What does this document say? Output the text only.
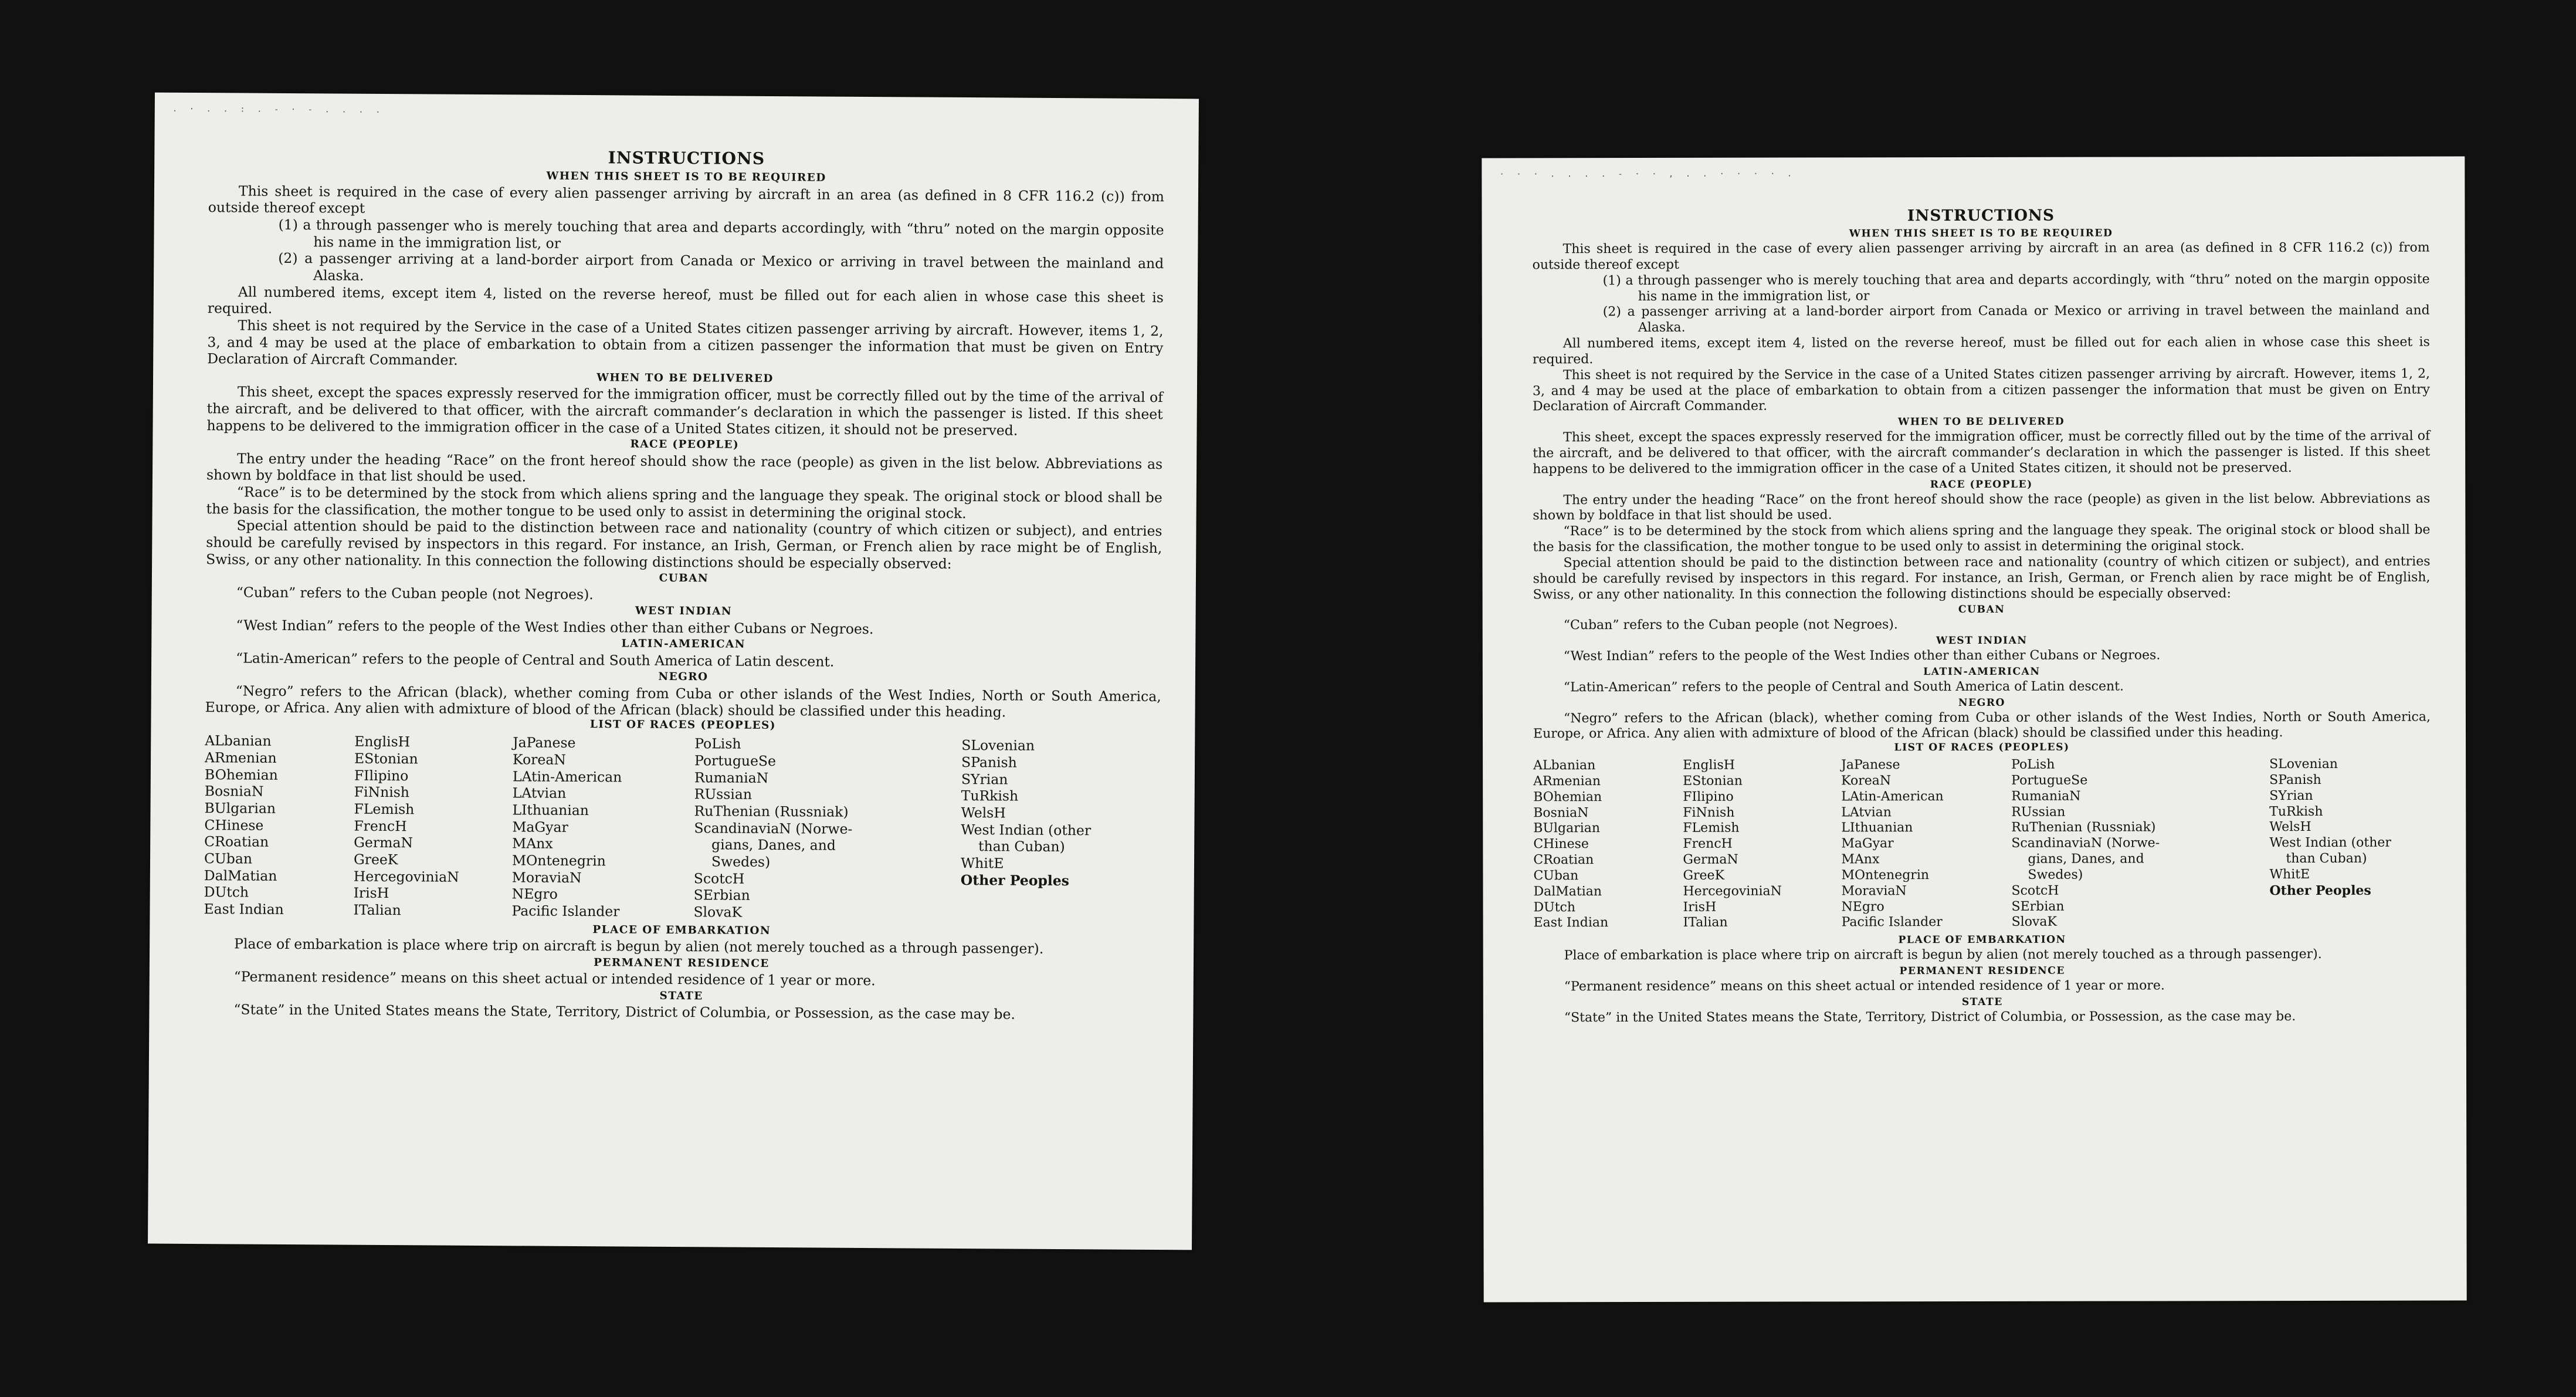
. · . . : . - · - . . . .
INSTRUCTIONS
WHEN THIS SHEET IS TO BE REQUIRED

This sheet is required in the case of every alien passenger arriving by aircraft in an area (as defined in 8 CFR 116.2 (c)) from outside thereof except

(1) a through passenger who is merely touching that area and departs accordingly, with “thru” noted on the margin opposite his name in the immigration list, or
(2) a passenger arriving at a land-border airport from Canada or Mexico or arriving in travel between the mainland and Alaska.

All numbered items, except item 4, listed on the reverse hereof, must be filled out for each alien in whose case this sheet is required.

This sheet is not required by the Service in the case of a United States citizen passenger arriving by aircraft. However, items 1, 2, 3, and 4 may be used at the place of embarkation to obtain from a citizen passenger the information that must be given on Entry Declaration of Aircraft Commander.

WHEN TO BE DELIVERED

This sheet, except the spaces expressly reserved for the immigration officer, must be correctly filled out by the time of the arrival of the aircraft, and be delivered to that officer, with the aircraft commander’s declaration in which the passenger is listed. If this sheet happens to be delivered to the immigration officer in the case of a United States citizen, it should not be preserved.

RACE (PEOPLE)

The entry under the heading “Race” on the front hereof should show the race (people) as given in the list below. Abbreviations as shown by boldface in that list should be used.

“Race” is to be determined by the stock from which aliens spring and the language they speak. The original stock or blood shall be the basis for the classification, the mother tongue to be used only to assist in determining the original stock.

Special attention should be paid to the distinction between race and nationality (country of which citizen or subject), and entries should be carefully revised by inspectors in this regard. For instance, an Irish, German, or French alien by race might be of English, Swiss, or any other nationality. In this connection the following distinctions should be especially observed:

CUBAN

“Cuban” refers to the Cuban people (not Negroes).

WEST INDIAN

“West Indian” refers to the people of the West Indies other than either Cubans or Negroes.

LATIN-AMERICAN

“Latin-American” refers to the people of Central and South America of Latin descent.

NEGRO

“Negro” refers to the African (black), whether coming from Cuba or other islands of the West Indies, North or South America, Europe, or Africa. Any alien with admixture of blood of the African (black) should be classified under this heading.

LIST OF RACES (PEOPLES)
ALbanian
ARmenian
BOhemian
BosniaN
BUlgarian
CHinese
CRoatian
CUban
DalMatian
DUtch
East Indian
EnglisH
EStonian
FIlipino
FiNnish
FLemish
FrencH
GermaN
GreeK
HercegoviniaN
IrisH
ITalian
JaPanese
KoreaN
LAtin-American
LAtvian
LIthuanian
MaGyar
MAnx
MOntenegrin
MoraviaN
NEgro
Pacific Islander
PoLish
PortugueSe
RumaniaN
RUssian
RuThenian (Russniak)
ScandinaviaN (Norwe-
gians, Danes, and
Swedes)
ScotcH
SErbian
SlovaK
SLovenian
SPanish
SYrian
TuRkish
WelsH
West Indian (other
than Cuban)
WhitE
Other Peoples
PLACE OF EMBARKATION

Place of embarkation is place where trip on aircraft is begun by alien (not merely touched as a through passenger).

PERMANENT RESIDENCE

“Permanent residence” means on this sheet actual or intended residence of 1 year or more.

STATE

“State” in the United States means the State, Territory, District of Columbia, or Possession, as the case may be.

· · · . . . . - · · , . . · · · · .
INSTRUCTIONS
WHEN THIS SHEET IS TO BE REQUIRED

This sheet is required in the case of every alien passenger arriving by aircraft in an area (as defined in 8 CFR 116.2 (c)) from outside thereof except

(1) a through passenger who is merely touching that area and departs accordingly, with “thru” noted on the margin opposite his name in the immigration list, or
(2) a passenger arriving at a land-border airport from Canada or Mexico or arriving in travel between the mainland and Alaska.

All numbered items, except item 4, listed on the reverse hereof, must be filled out for each alien in whose case this sheet is required.

This sheet is not required by the Service in the case of a United States citizen passenger arriving by aircraft. However, items 1, 2, 3, and 4 may be used at the place of embarkation to obtain from a citizen passenger the information that must be given on Entry Declaration of Aircraft Commander.

WHEN TO BE DELIVERED

This sheet, except the spaces expressly reserved for the immigration officer, must be correctly filled out by the time of the arrival of the aircraft, and be delivered to that officer, with the aircraft commander’s declaration in which the passenger is listed. If this sheet happens to be delivered to the immigration officer in the case of a United States citizen, it should not be preserved.

RACE (PEOPLE)

The entry under the heading “Race” on the front hereof should show the race (people) as given in the list below. Abbreviations as shown by boldface in that list should be used.

“Race” is to be determined by the stock from which aliens spring and the language they speak. The original stock or blood shall be the basis for the classification, the mother tongue to be used only to assist in determining the original stock.

Special attention should be paid to the distinction between race and nationality (country of which citizen or subject), and entries should be carefully revised by inspectors in this regard. For instance, an Irish, German, or French alien by race might be of English, Swiss, or any other nationality. In this connection the following distinctions should be especially observed:

CUBAN

“Cuban” refers to the Cuban people (not Negroes).

WEST INDIAN

“West Indian” refers to the people of the West Indies other than either Cubans or Negroes.

LATIN-AMERICAN

“Latin-American” refers to the people of Central and South America of Latin descent.

NEGRO

“Negro” refers to the African (black), whether coming from Cuba or other islands of the West Indies, North or South America, Europe, or Africa. Any alien with admixture of blood of the African (black) should be classified under this heading.

LIST OF RACES (PEOPLES)
ALbanian
ARmenian
BOhemian
BosniaN
BUlgarian
CHinese
CRoatian
CUban
DalMatian
DUtch
East Indian
EnglisH
EStonian
FIlipino
FiNnish
FLemish
FrencH
GermaN
GreeK
HercegoviniaN
IrisH
ITalian
JaPanese
KoreaN
LAtin-American
LAtvian
LIthuanian
MaGyar
MAnx
MOntenegrin
MoraviaN
NEgro
Pacific Islander
PoLish
PortugueSe
RumaniaN
RUssian
RuThenian (Russniak)
ScandinaviaN (Norwe-
gians, Danes, and
Swedes)
ScotcH
SErbian
SlovaK
SLovenian
SPanish
SYrian
TuRkish
WelsH
West Indian (other
than Cuban)
WhitE
Other Peoples
PLACE OF EMBARKATION

Place of embarkation is place where trip on aircraft is begun by alien (not merely touched as a through passenger).

PERMANENT RESIDENCE

“Permanent residence” means on this sheet actual or intended residence of 1 year or more.

STATE

“State” in the United States means the State, Territory, District of Columbia, or Possession, as the case may be.
